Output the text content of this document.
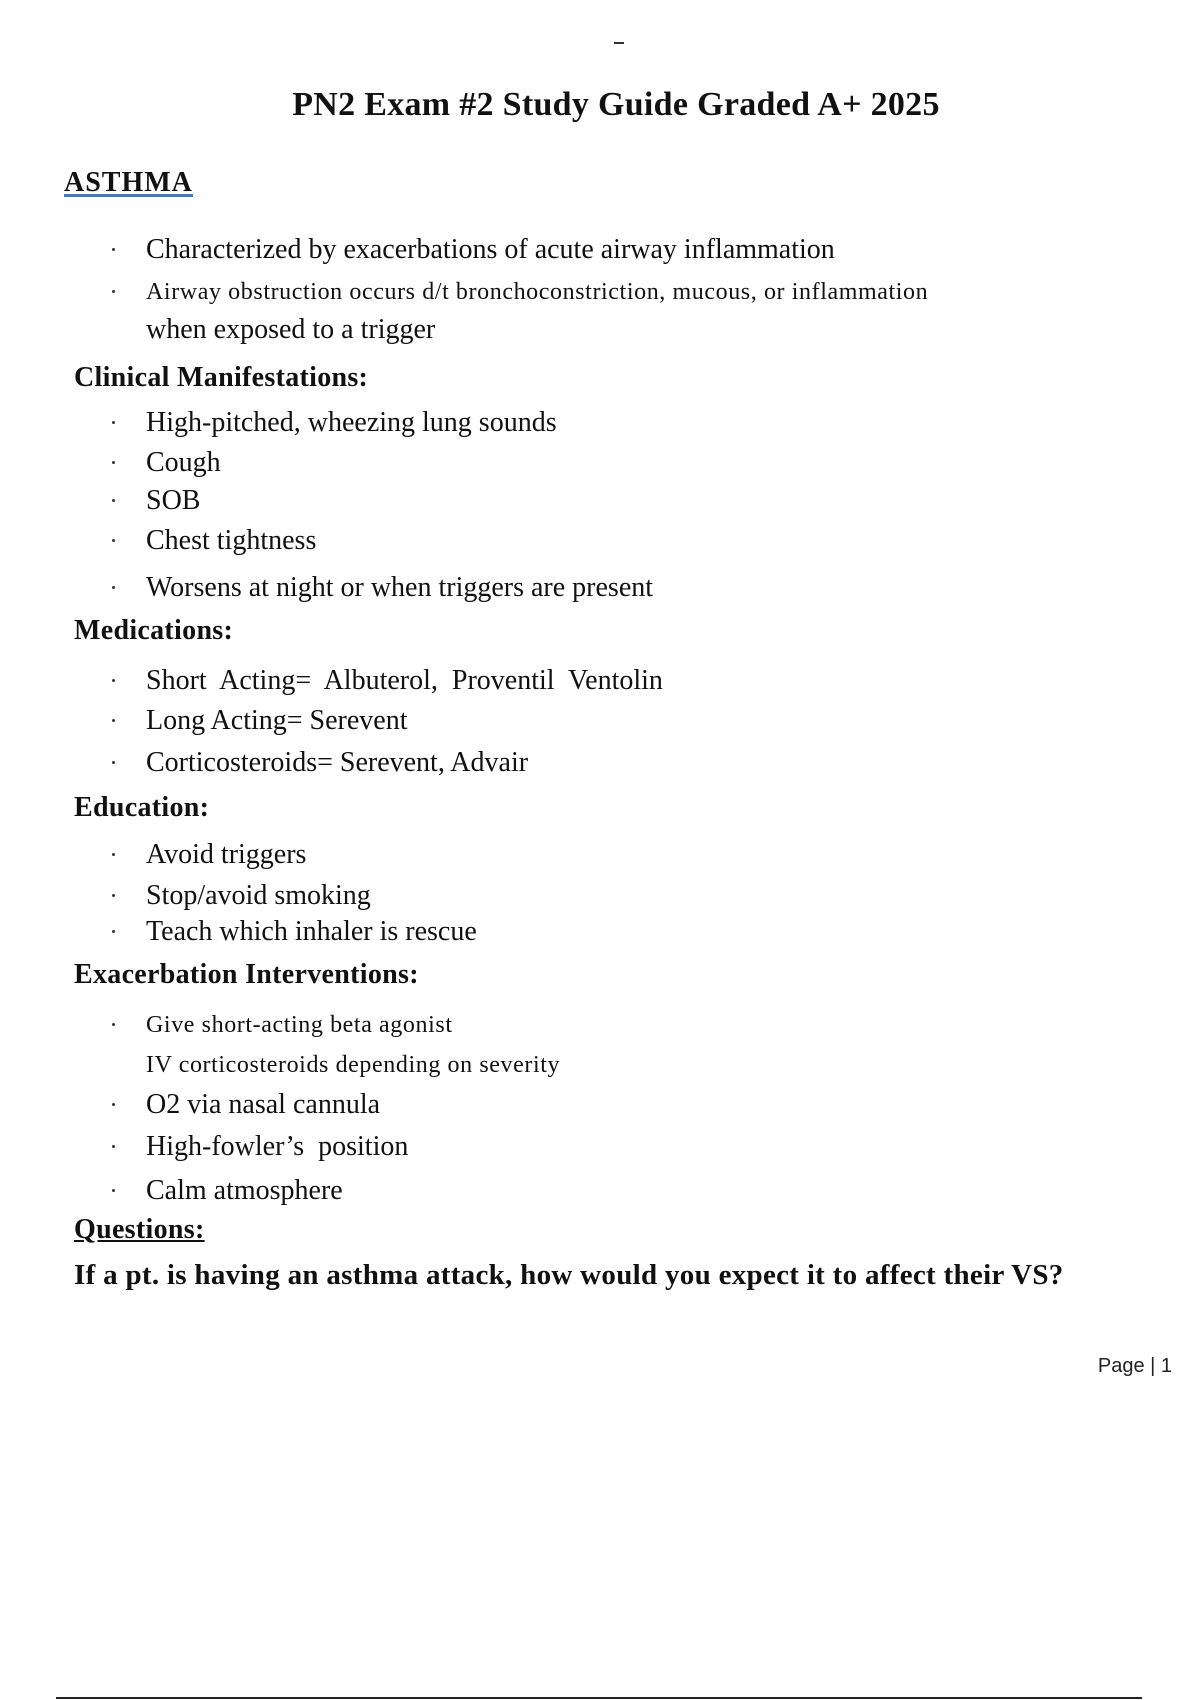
PN2 Exam #2 Study Guide Graded A+ 2025
ASTHMA
Characterized by exacerbations of acute airway inflammation
Airway obstruction occurs d/t bronchoconstriction, mucous, or inflammation
when exposed to a trigger
Clinical Manifestations:
High-pitched, wheezing lung sounds
Cough
SOB
Chest tightness
Worsens at night or when triggers are present
Medications:
Short  Acting=  Albuterol,  Proventil  Ventolin
Long Acting= Serevent
Corticosteroids= Serevent, Advair
Education:
Avoid triggers
Stop/avoid smoking
Teach which inhaler is rescue
Exacerbation Interventions:
Give short-acting beta agonist
IV corticosteroids depending on severity
O2 via nasal cannula
High-fowler’s  position
Calm atmosphere
Questions:
If a pt. is having an asthma attack, how would you expect it to affect their VS?
Page | 1
